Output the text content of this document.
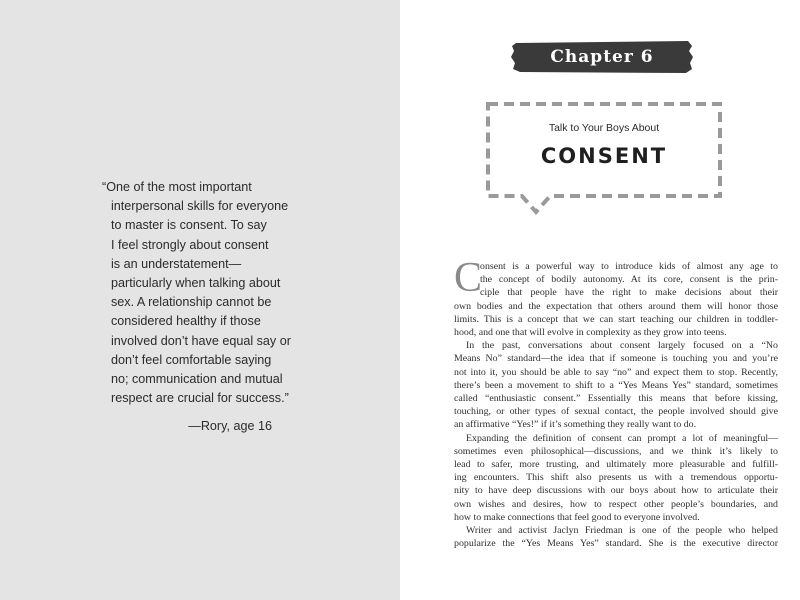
“One of the most important
interpersonal skills for everyone
to master is consent. To say
I feel strongly about consent
is an understatement—
particularly when talking about
sex. A relationship cannot be
considered healthy if those
involved don’t have equal say or
don’t feel comfortable saying
no; communication and mutual
respect are crucial for success.”
—Rory, age 16
Chapter 6
Talk to Your Boys About
CONSENT
C
onsent is a powerful way to introduce kids of almost any age to
the concept of bodily autonomy. At its core, consent is the prin-
ciple that people have the right to make decisions about their
own bodies and the expectation that others around them will honor those
limits. This is a concept that we can start teaching our children in toddler-
hood, and one that will evolve in complexity as they grow into teens.
In the past, conversations about consent largely focused on a “No
Means No” standard—the idea that if someone is touching you and you’re
not into it, you should be able to say “no” and expect them to stop. Recently,
there’s been a movement to shift to a “Yes Means Yes” standard, sometimes
called “enthusiastic consent.” Essentially this means that before kissing,
touching, or other types of sexual contact, the people involved should give
an affirmative “Yes!” if it’s something they really want to do.
Expanding the definition of consent can prompt a lot of meaningful—
sometimes even philosophical—discussions, and we think it’s likely to
lead to safer, more trusting, and ultimately more pleasurable and fulfill-
ing encounters. This shift also presents us with a tremendous opportu-
nity to have deep discussions with our boys about how to articulate their
own wishes and desires, how to respect other people’s boundaries, and
how to make connections that feel good to everyone involved.
Writer and activist Jaclyn Friedman is one of the people who helped
popularize the “Yes Means Yes” standard. She is the executive director
